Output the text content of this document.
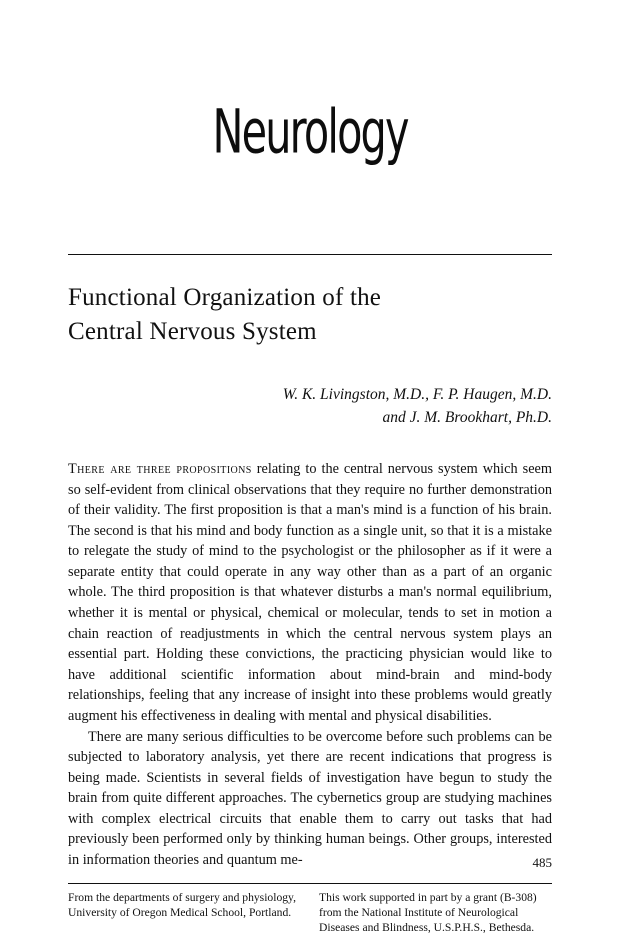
Neurology
Functional Organization of the
Central Nervous System
W. K. Livingston, M.D., F. P. Haugen, M.D.
and J. M. Brookhart, Ph.D.

There are three propositions relating to the central nervous system which seem so self-evident from clinical observations that they require no further demonstration of their validity. The first proposition is that a man's mind is a function of his brain. The second is that his mind and body function as a single unit, so that it is a mistake to relegate the study of mind to the psychologist or the philosopher as if it were a separate entity that could operate in any way other than as a part of an organic whole. The third proposition is that whatever disturbs a man's normal equilibrium, whether it is mental or physical, chemical or molecular, tends to set in motion a chain reaction of readjustments in which the central nervous system plays an essential part. Holding these convictions, the practicing physician would like to have additional scientific information about mind-brain and mind-body relationships, feeling that any increase of insight into these problems would greatly augment his effectiveness in dealing with mental and physical disabilities.

There are many serious difficulties to be overcome before such problems can be subjected to laboratory analysis, yet there are recent indications that progress is being made. Scientists in several fields of investigation have begun to study the brain from quite different approaches. The cybernetics group are studying machines with complex electrical circuits that enable them to carry out tasks that had previously been performed only by thinking human beings. Other groups, interested in information theories and quantum me-

From the departments of surgery and physiology, University of Oregon Medical School, Portland.
This work supported in part by a grant (B-308) from the National Institute of Neurological Diseases and Blindness, U.S.P.H.S., Bethesda.
485
